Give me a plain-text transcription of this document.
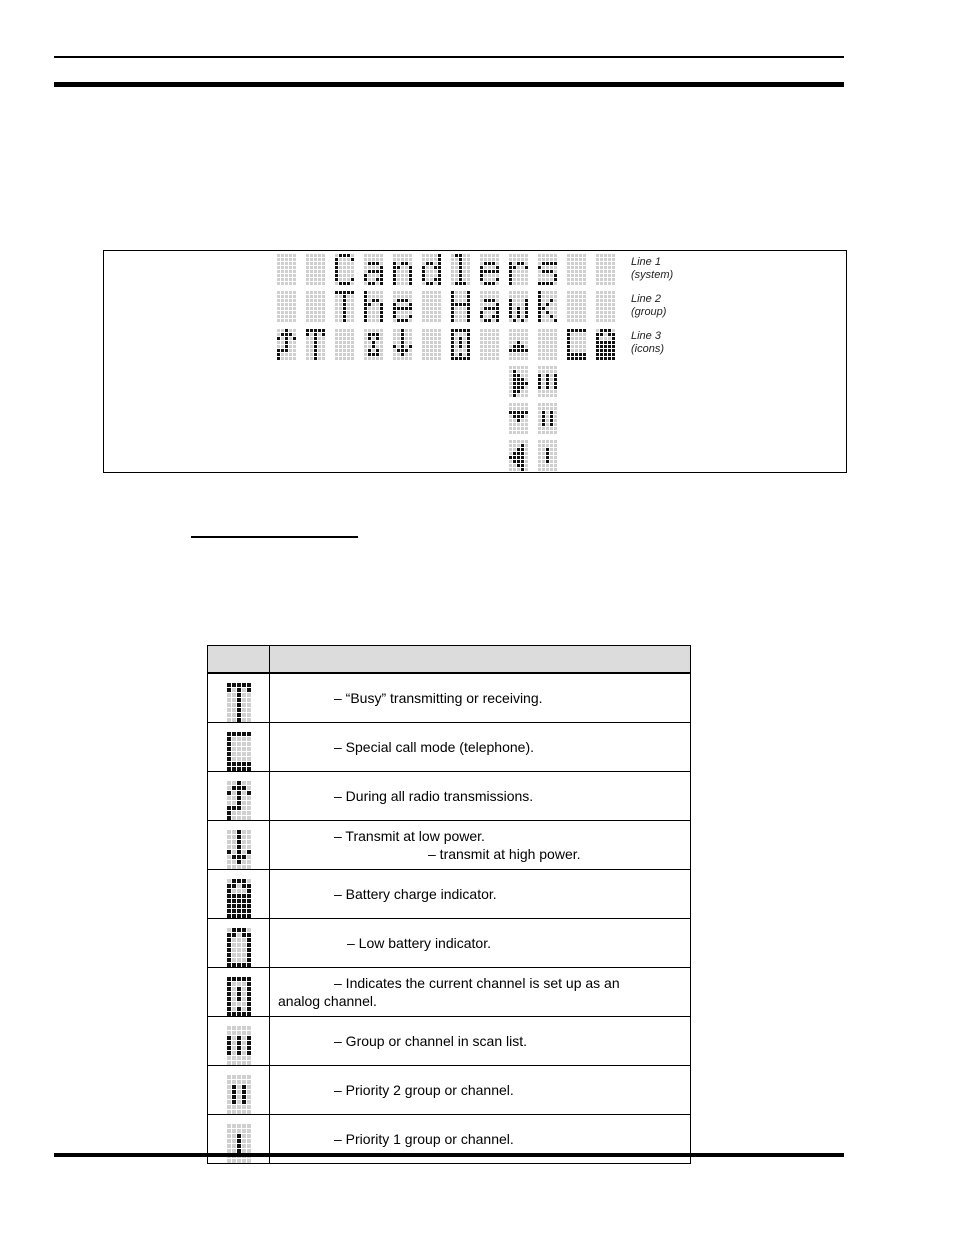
Line 1
(system)
Line 2
(group)
Line 3
(icons)

	– “Busy” transmitting or receiving.

	– Special call mode (telephone).

	– During all radio transmissions.

	– Transmit at low power.
– transmit at high power.

	– Battery charge indicator.

	– Low battery indicator.

	– Indicates the current channel is set up as an
analog channel.

	– Group or channel in scan list.

	– Priority 2 group or channel.

	– Priority 1 group or channel.
